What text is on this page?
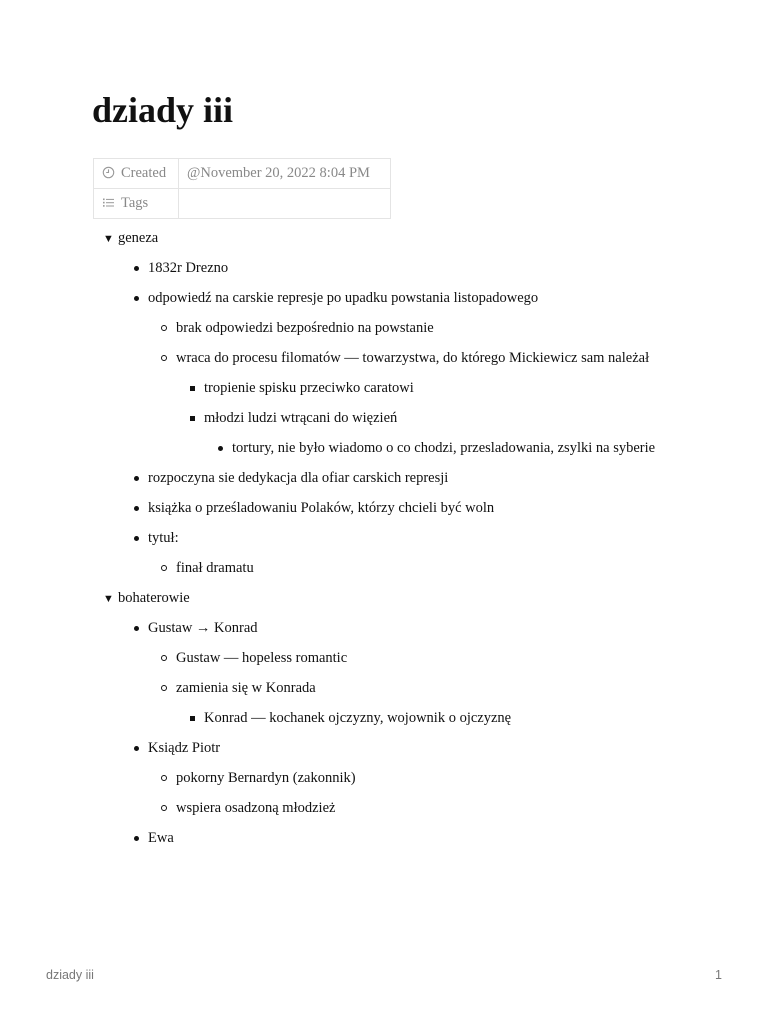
dziady iii
Created	@November 20, 2022 8:04 PM
Tags	
▼ geneza
1832r Drezno
odpowiedź na carskie represje po upadku powstania listopadowego
brak odpowiedzi bezpośrednio na powstanie
wraca do procesu filomatów — towarzystwa, do którego Mickiewicz sam należał
tropienie spisku przeciwko caratowi
młodzi ludzi wtrącani do więzień
tortury, nie było wiadomo o co chodzi, przesladowania, zsylki na syberie
rozpoczyna sie dedykacja dla ofiar carskich represji
książka o prześladowaniu Polaków, którzy chcieli być woln
tytuł:
finał dramatu
▼ bohaterowie
Gustaw → Konrad
Gustaw — hopeless romantic
zamienia się w Konrada
Konrad — kochanek ojczyzny, wojownik o ojczyznę
Ksiądz Piotr
pokorny Bernardyn (zakonnik)
wspiera osadzoną młodzież
Ewa
dziady iii	1
